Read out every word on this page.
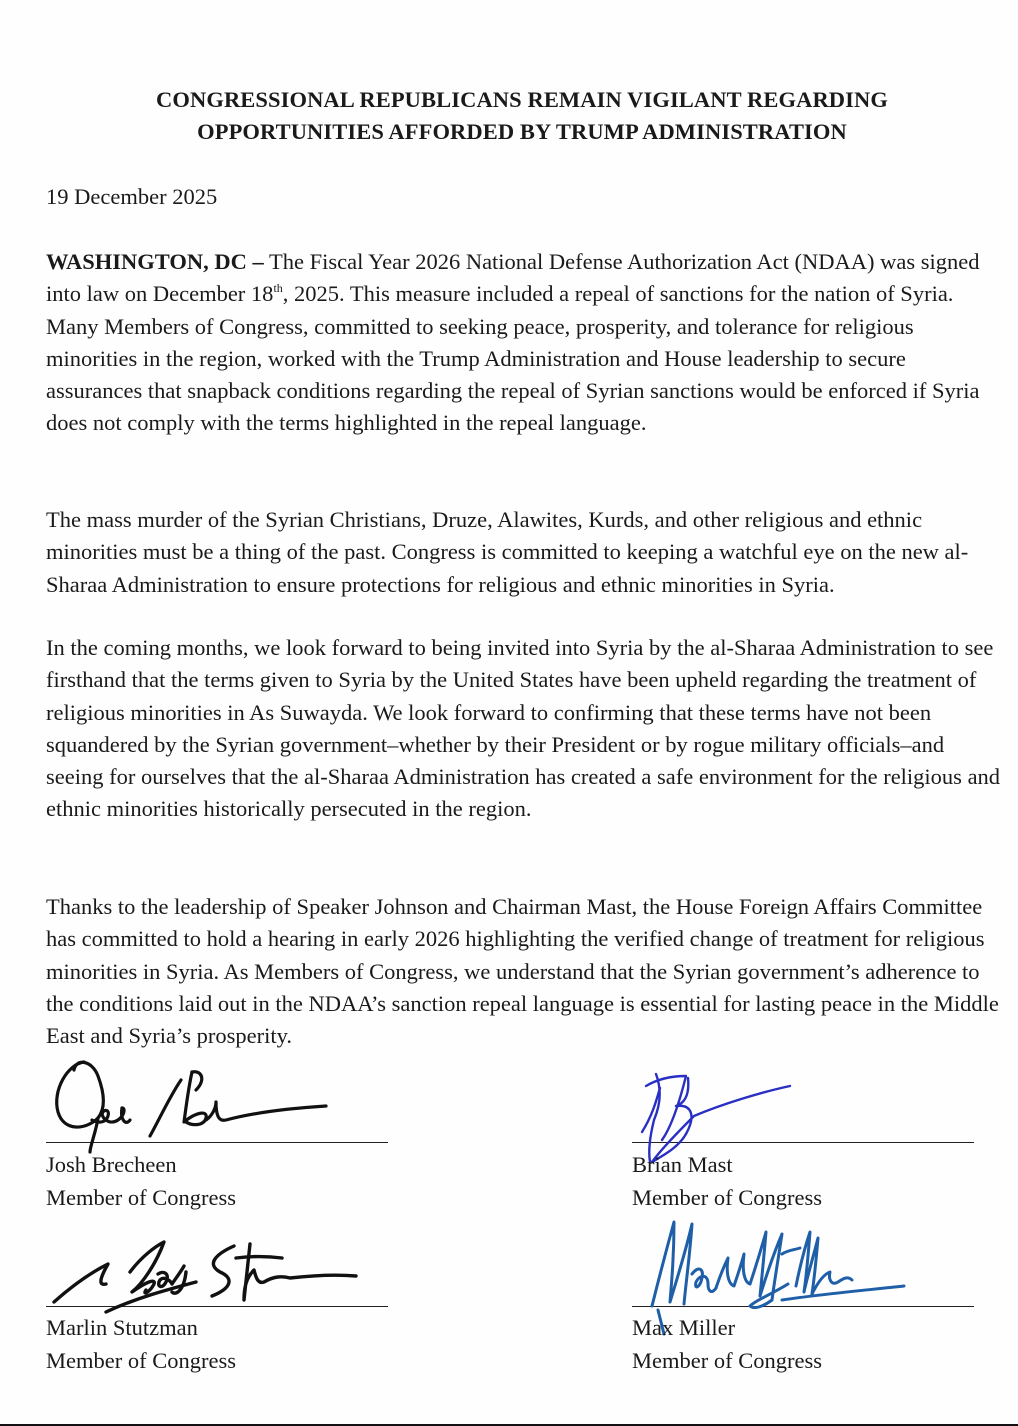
CONGRESSIONAL REPUBLICANS REMAIN VIGILANT REGARDING
OPPORTUNITIES AFFORDED BY TRUMP ADMINISTRATION
19 December 2025

WASHINGTON, DC – The Fiscal Year 2026 National Defense Authorization Act (NDAA) was signed into law on December 18th, 2025. This measure included a repeal of sanctions for the nation of Syria. Many Members of Congress, committed to seeking peace, prosperity, and tolerance for religious minorities in the region, worked with the Trump Administration and House leadership to secure assurances that snapback conditions regarding the repeal of Syrian sanctions would be enforced if Syria does not comply with the terms highlighted in the repeal language.

The mass murder of the Syrian Christians, Druze, Alawites, Kurds, and other religious and ethnic minorities must be a thing of the past. Congress is committed to keeping a watchful eye on the new al-Sharaa Administration to ensure protections for religious and ethnic minorities in Syria.

In the coming months, we look forward to being invited into Syria by the al-Sharaa Administration to see firsthand that the terms given to Syria by the United States have been upheld regarding the treatment of religious minorities in As Suwayda. We look forward to confirming that these terms have not been squandered by the Syrian government–whether by their President or by rogue military officials–and seeing for ourselves that the al-Sharaa Administration has created a safe environment for the religious and ethnic minorities historically persecuted in the region.

Thanks to the leadership of Speaker Johnson and Chairman Mast, the House Foreign Affairs Committee has committed to hold a hearing in early 2026 highlighting the verified change of treatment for religious minorities in Syria. As Members of Congress, we understand that the Syrian government’s adherence to the conditions laid out in the NDAA’s sanction repeal language is essential for lasting peace in the Middle East and Syria’s prosperity.

Josh Brecheen
Member of Congress
Brian Mast
Member of Congress
Marlin Stutzman
Member of Congress
Max Miller
Member of Congress
